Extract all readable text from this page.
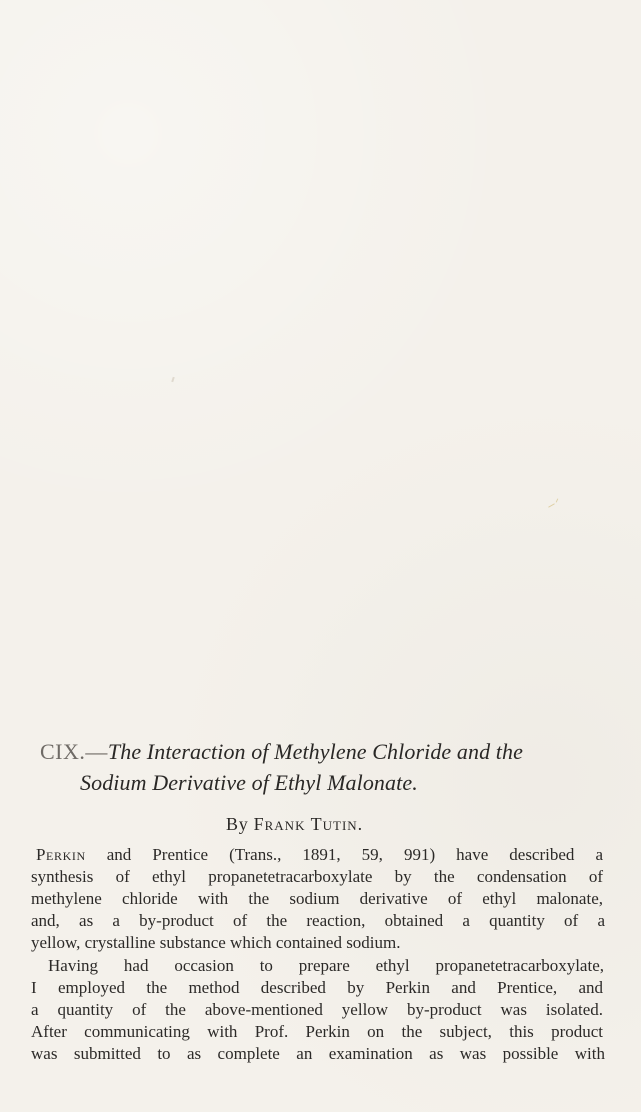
CIX.—The Interaction of Methylene Chloride and the
Sodium Derivative of Ethyl Malonate.
By Frank Tutin.
Perkin and Prentice (Trans., 1891, 59, 991) have described a
synthesis of ethyl propanetetracarboxylate by the condensation of
methylene chloride with the sodium derivative of ethyl malonate,
and, as a by-product of the reaction, obtained a quantity of a
yellow, crystalline substance which contained sodium.
Having had occasion to prepare ethyl propanetetracarboxylate,
I employed the method described by Perkin and Prentice, and
a quantity of the above-mentioned yellow by-product was isolated.
After communicating with Prof. Perkin on the subject, this product
was submitted to as complete an examination as was possible with
